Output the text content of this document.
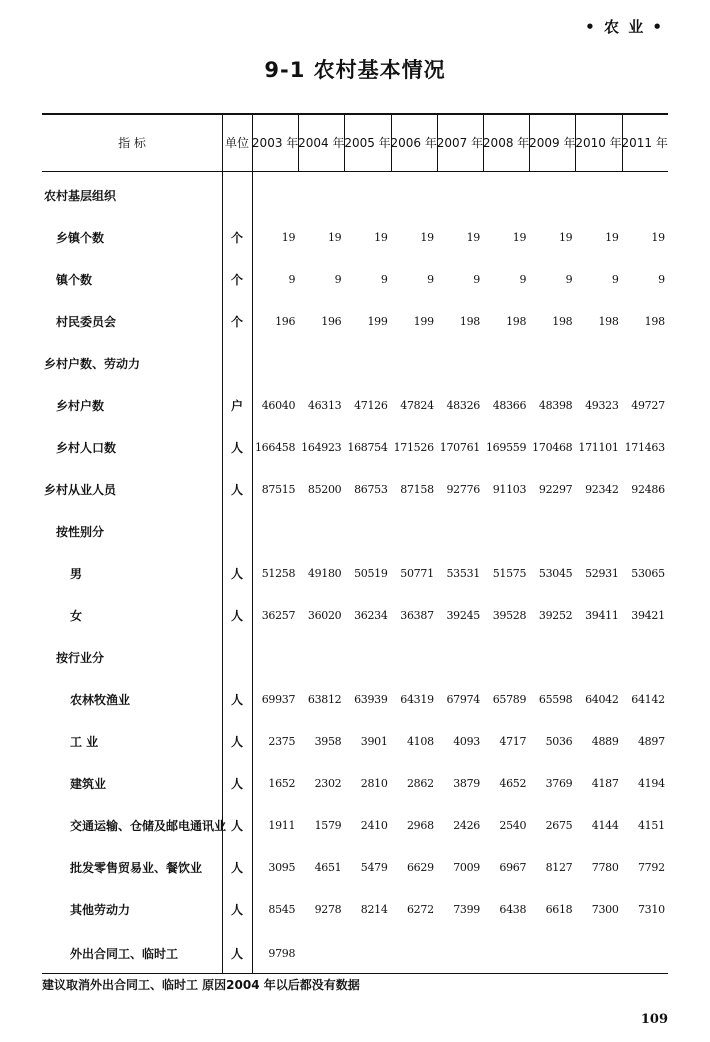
• 农 业 •
9-1 农村基本情况
指 标	单位 2003 年 2004 年 2005 年 2006 年 2007 年 2008 年 2009 年 2010 年 2011 年
农村基层组织
乡镇个数	个	19	19	19	19	19	19	19	19	19
镇个数	个	9	9	9	9	9	9	9	9	9
村民委员会	个	196	196	199	199	198	198	198	198	198
乡村户数、劳动力
乡村户数	户	46040	46313	47126	47824	48326	48366	48398	49323	49727
乡村人口数	人	166458 164923 168754 171526 170761 169559 170468 171101 171463
乡村从业人员	人	87515	85200	86753	87158	92776	91103	92297	92342	92486
按性别分
男	人	51258	49180	50519	50771	53531	51575	53045	52931	53065
女	人	36257	36020	36234	36387	39245	39528	39252	39411	39421
按行业分
农林牧渔业	人	69937	63812	63939	64319	67974	65789	65598	64042	64142
工 业	人	2375	3958	3901	4108	4093	4717	5036	4889	4897
建筑业	人	1652	2302	2810	2862	3879	4652	3769	4187	4194
交通运输、仓储及邮电通讯业 人	1911	1579	2410	2968	2426	2540	2675	4144	4151
批发零售贸易业、餐饮业	人	3095	4651	5479	6629	7009	6967	8127	7780	7792
其他劳动力	人	8545	9278	8214	6272	7399	6438	6618	7300	7310
外出合同工、临时工	人	9798
建议取消外出合同工、临时工 原因2004 年以后都没有数据
109
